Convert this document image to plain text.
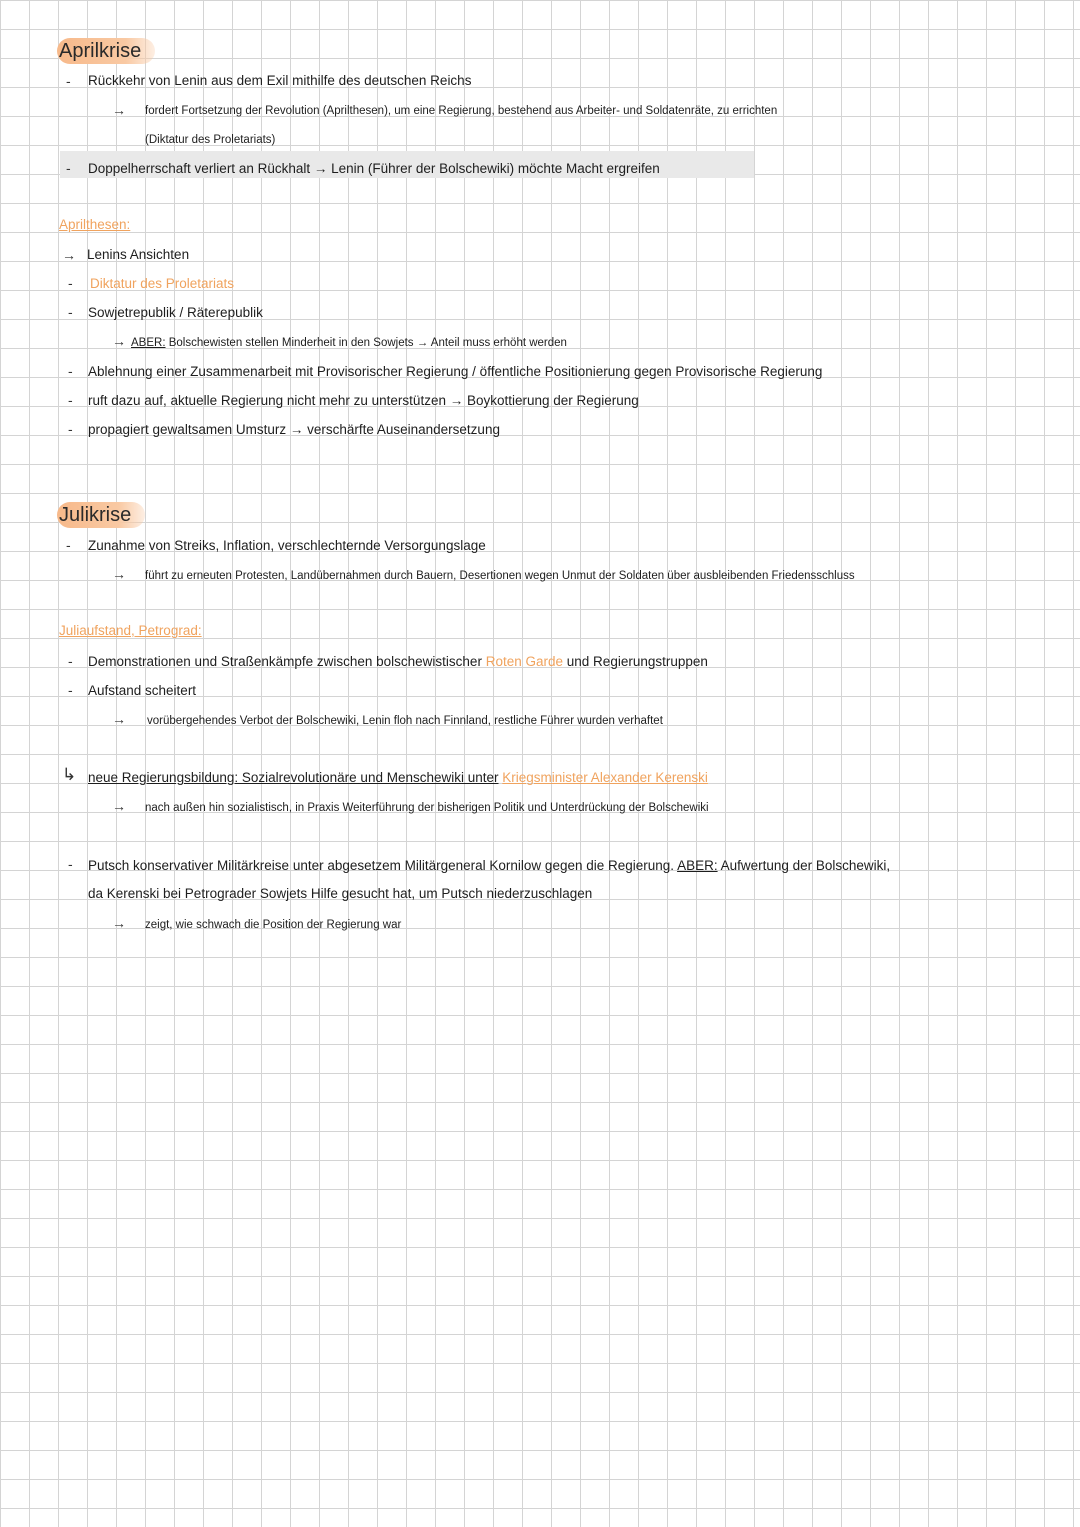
Aprilkrise
- Rückkehr von Lenin aus dem Exil mithilfe des deutschen Reichs
→ fordert Fortsetzung der Revolution (Aprilthesen), um eine Regierung, bestehend aus Arbeiter- und Soldatenräte, zu errichten
(Diktatur des Proletariats)
- Doppelherrschaft verliert an Rückhalt → Lenin (Führer der Bolschewiki) möchte Macht ergreifen
Aprilthesen:
→ Lenins Ansichten
- Diktatur des Proletariats
- Sowjetrepublik / Räterepublik
→ ABER: Bolschewisten stellen Minderheit in den Sowjets → Anteil muss erhöht werden
- Ablehnung einer Zusammenarbeit mit Provisorischer Regierung / öffentliche Positionierung gegen Provisorische Regierung
- ruft dazu auf, aktuelle Regierung nicht mehr zu unterstützen → Boykottierung der Regierung
- propagiert gewaltsamen Umsturz → verschärfte Auseinandersetzung
Julikrise
- Zunahme von Streiks, Inflation, verschlechternde Versorgungslage
→ führt zu erneuten Protesten, Landübernahmen durch Bauern, Desertionen wegen Unmut der Soldaten über ausbleibenden Friedensschluss
Juliaufstand, Petrograd:
- Demonstrationen und Straßenkämpfe zwischen bolschewistischer Roten Garde und Regierungstruppen
- Aufstand scheitert
→ vorübergehendes Verbot der Bolschewiki, Lenin floh nach Finnland, restliche Führer wurden verhaftet
↳ neue Regierungsbildung: Sozialrevolutionäre und Menschewiki unter Kriegsminister Alexander Kerenski
→ nach außen hin sozialistisch, in Praxis Weiterführung der bisherigen Politik und Unterdrückung der Bolschewiki
- Putsch konservativer Militärkreise unter abgesetzem Militärgeneral Kornilow gegen die Regierung. ABER: Aufwertung der Bolschewiki,
da Kerenski bei Petrograder Sowjets Hilfe gesucht hat, um Putsch niederzuschlagen
→ zeigt, wie schwach die Position der Regierung war
